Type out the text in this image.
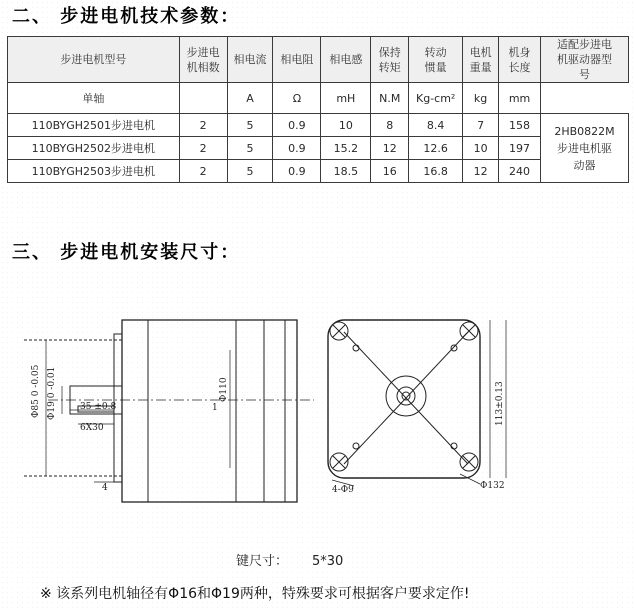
二、 步进电机技术参数：
步进电机型号	步进电机相数	相电流	相电阻	相电感	保持转矩	转动惯量	电机重量	机身长度	适配步进电机驱动器型号
单轴		A	Ω	mH	N.M	Kg-cm²	kg	mm	
110BYGH2501步进电机	2	5	0.9	10	8	8.4	7	158	2HB0822M步进电机驱动器
110BYGH2502步进电机	2	5	0.9	15.2	12	12.6	10	197	
110BYGH2503步进电机	2	5	0.9	18.5	16	16.8	12	240	
三、 步进电机安装尺寸：
Φ85 0 -0.05 Φ19 0 -0.01	35 ±0.8
6X30
4
Φ110
1	113±0.13
4-Φ9	Φ132
键尺寸： 5*30
※ 该系列电机轴径有Φ16和Φ19两种，特殊要求可根据客户要求定作!
